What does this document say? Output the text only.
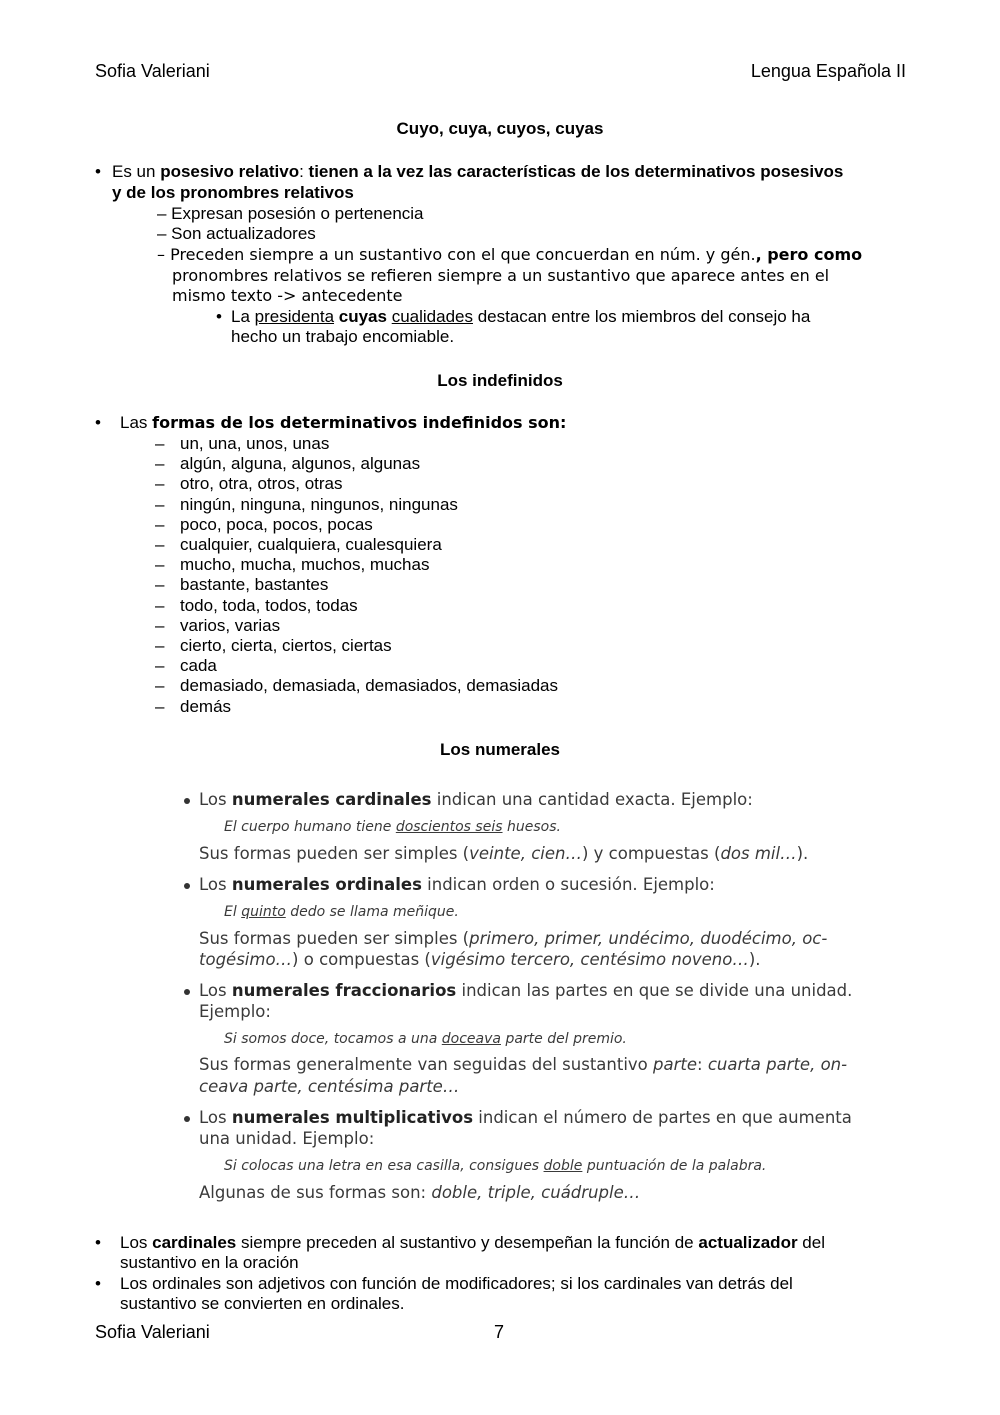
Sofia Valeriani	Lengua Española II
Cuyo, cuya, cuyos, cuyas
• Es un posesivo relativo: tienen a la vez las características de los determinativos posesivos
y de los pronombres relativos
– Expresan posesión o pertenencia
– Son actualizadores
– Preceden siempre a un sustantivo con el que concuerdan en núm. y gén., pero como
pronombres relativos se refieren siempre a un sustantivo que aparece antes en el
mismo texto -> antecedente
• La presidenta cuyas cualidades destacan entre los miembros del consejo ha
hecho un trabajo encomiable.
Los indefinidos
• Las formas de los determinativos indefinidos son:
– un, una, unos, unas
– algún, alguna, algunos, algunas
– otro, otra, otros, otras
– ningún, ninguna, ningunos, ningunas
– poco, poca, pocos, pocas
– cualquier, cualquiera, cualesquiera
– mucho, mucha, muchos, muchas
– bastante, bastantes
– todo, toda, todos, todas
– varios, varias
– cierto, cierta, ciertos, ciertas
– cada
– demasiado, demasiada, demasiados, demasiadas
– demás
Los numerales
Los numerales cardinales indican una cantidad exacta. Ejemplo:
El cuerpo humano tiene doscientos seis huesos.
Sus formas pueden ser simples (veinte, cien…) y compuestas (dos mil…).
Los numerales ordinales indican orden o sucesión. Ejemplo:
El quinto dedo se llama meñique.
Sus formas pueden ser simples (primero, primer, undécimo, duodécimo, oc-
togésimo…) o compuestas (vigésimo tercero, centésimo noveno…).
Los numerales fraccionarios indican las partes en que se divide una unidad.
Ejemplo:
Si somos doce, tocamos a una doceava parte del premio.
Sus formas generalmente van seguidas del sustantivo parte: cuarta parte, on-
ceava parte, centésima parte…
Los numerales multiplicativos indican el número de partes en que aumenta
una unidad. Ejemplo:
Si colocas una letra en esa casilla, consigues doble puntuación de la palabra.
Algunas de sus formas son: doble, triple, cuádruple…
• Los cardinales siempre preceden al sustantivo y desempeñan la función de actualizador del
sustantivo en la oración
• Los ordinales son adjetivos con función de modificadores; si los cardinales van detrás del
sustantivo se convierten en ordinales.
Sofia Valeriani	7
